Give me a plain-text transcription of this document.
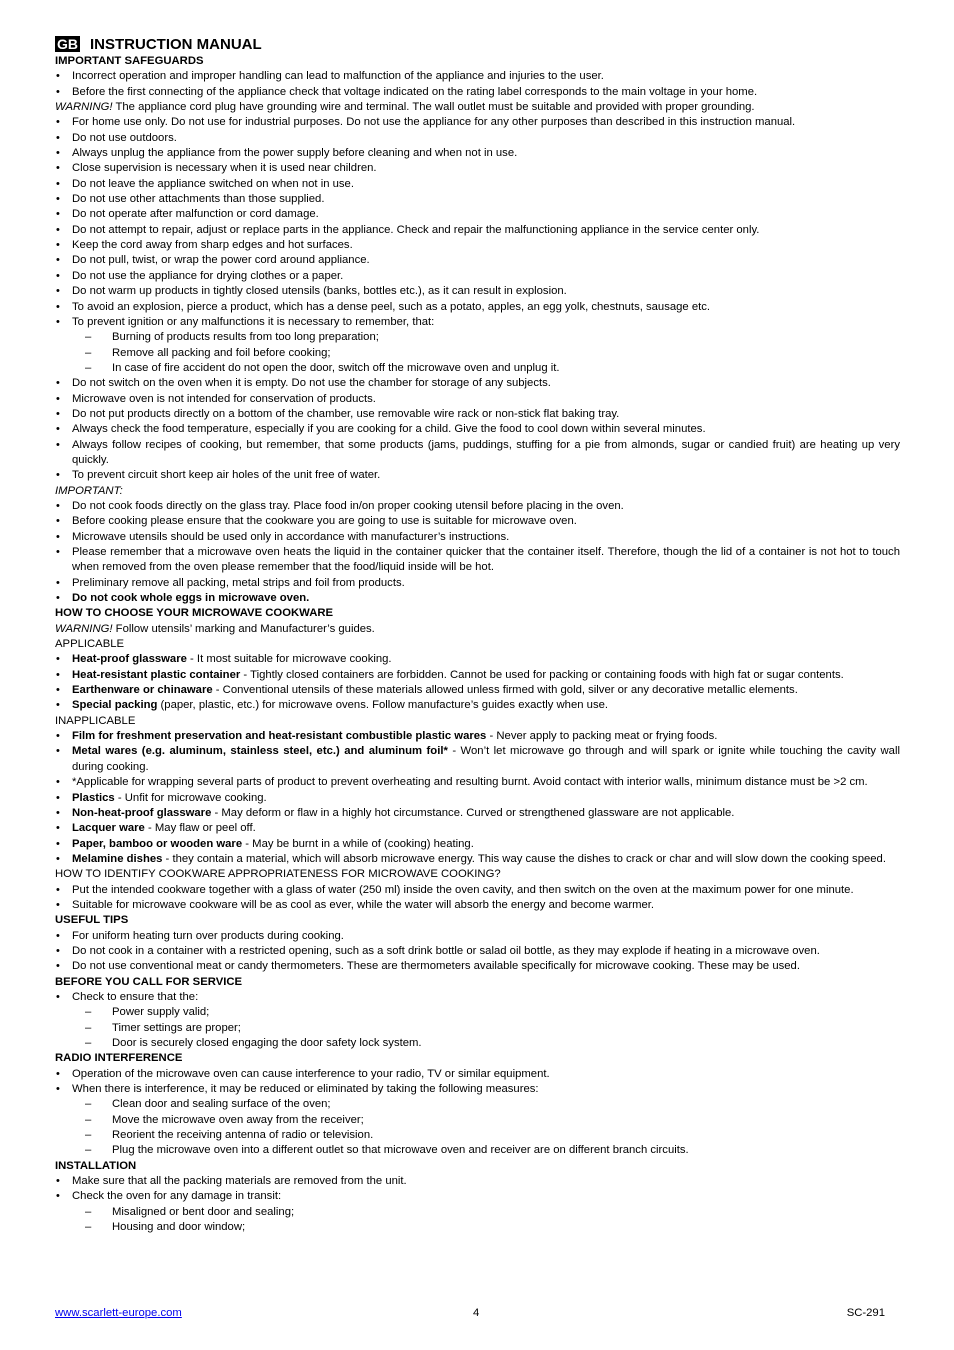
GB INSTRUCTION MANUAL
IMPORTANT SAFEGUARDS
• Incorrect operation and improper handling can lead to malfunction of the appliance and injuries to the user.
• Before the first connecting of the appliance check that voltage indicated on the rating label corresponds to the main voltage in your home.
WARNING! The appliance cord plug have grounding wire and terminal. The wall outlet must be suitable and provided with proper grounding.
• For home use only. Do not use for industrial purposes. Do not use the appliance for any other purposes than described in this instruction manual.
• Do not use outdoors.
• Always unplug the appliance from the power supply before cleaning and when not in use.
• Close supervision is necessary when it is used near children.
• Do not leave the appliance switched on when not in use.
• Do not use other attachments than those supplied.
• Do not operate after malfunction or cord damage.
• Do not attempt to repair, adjust or replace parts in the appliance. Check and repair the malfunctioning appliance in the service center only.
• Keep the cord away from sharp edges and hot surfaces.
• Do not pull, twist, or wrap the power cord around appliance.
• Do not use the appliance for drying clothes or a paper.
• Do not warm up products in tightly closed utensils (banks, bottles etc.), as it can result in explosion.
• To avoid an explosion, pierce a product, which has a dense peel, such as a potato, apples, an egg yolk, chestnuts, sausage etc.
• To prevent ignition or any malfunctions it is necessary to remember, that:
– Burning of products results from too long preparation;
– Remove all packing and foil before cooking;
– In case of fire accident do not open the door, switch off the microwave oven and unplug it.
• Do not switch on the oven when it is empty. Do not use the chamber for storage of any subjects.
• Microwave oven is not intended for conservation of products.
• Do not put products directly on a bottom of the chamber, use removable wire rack or non-stick flat baking tray.
• Always check the food temperature, especially if you are cooking for a child. Give the food to cool down within several minutes.
• Always follow recipes of cooking, but remember, that some products (jams, puddings, stuffing for a pie from almonds, sugar or candied fruit) are heating up very quickly.
• To prevent circuit short keep air holes of the unit free of water.
IMPORTANT:
• Do not cook foods directly on the glass tray. Place food in/on proper cooking utensil before placing in the oven.
• Before cooking please ensure that the cookware you are going to use is suitable for microwave oven.
• Microwave utensils should be used only in accordance with manufacturer’s instructions.
• Please remember that a microwave oven heats the liquid in the container quicker that the container itself. Therefore, though the lid of a container is not hot to touch when removed from the oven please remember that the food/liquid inside will be hot.
• Preliminary remove all packing, metal strips and foil from products.
• Do not cook whole eggs in microwave oven.
HOW TO CHOOSE YOUR MICROWAVE COOKWARE
WARNING! Follow utensils’ marking and Manufacturer’s guides.
APPLICABLE
• Heat-proof glassware - It most suitable for microwave cooking.
• Heat-resistant plastic container - Tightly closed containers are forbidden. Cannot be used for packing or containing foods with high fat or sugar contents.
• Earthenware or chinaware - Conventional utensils of these materials allowed unless firmed with gold, silver or any decorative metallic elements.
• Special packing (paper, plastic, etc.) for microwave ovens. Follow manufacture’s guides exactly when use.
INAPPLICABLE
• Film for freshment preservation and heat-resistant combustible plastic wares - Never apply to packing meat or frying foods.
• Metal wares (e.g. aluminum, stainless steel, etc.) and aluminum foil* - Won’t let microwave go through and will spark or ignite while touching the cavity wall during cooking.
• *Applicable for wrapping several parts of product to prevent overheating and resulting burnt. Avoid contact with interior walls, minimum distance must be >2 cm.
• Plastics - Unfit for microwave cooking.
• Non-heat-proof glassware - May deform or flaw in a highly hot circumstance. Curved or strengthened glassware are not applicable.
• Lacquer ware - May flaw or peel off.
• Paper, bamboo or wooden ware - May be burnt in a while of (cooking) heating.
• Melamine dishes - they contain a material, which will absorb microwave energy. This way cause the dishes to crack or char and will slow down the cooking speed.
HOW TO IDENTIFY COOKWARE APPROPRIATENESS FOR MICROWAVE COOKING?
• Put the intended cookware together with a glass of water (250 ml) inside the oven cavity, and then switch on the oven at the maximum power for one minute.
• Suitable for microwave cookware will be as cool as ever, while the water will absorb the energy and become warmer.
USEFUL TIPS
• For uniform heating turn over products during cooking.
• Do not cook in a container with a restricted opening, such as a soft drink bottle or salad oil bottle, as they may explode if heating in a microwave oven.
• Do not use conventional meat or candy thermometers. These are thermometers available specifically for microwave cooking. These may be used.
BEFORE YOU CALL FOR SERVICE
• Check to ensure that the:
– Power supply valid;
– Timer settings are proper;
– Door is securely closed engaging the door safety lock system.
RADIO INTERFERENCE
• Operation of the microwave oven can cause interference to your radio, TV or similar equipment.
• When there is interference, it may be reduced or eliminated by taking the following measures:
– Clean door and sealing surface of the oven;
– Move the microwave oven away from the receiver;
– Reorient the receiving antenna of radio or television.
– Plug the microwave oven into a different outlet so that microwave oven and receiver are on different branch circuits.
INSTALLATION
• Make sure that all the packing materials are removed from the unit.
• Check the oven for any damage in transit:
– Misaligned or bent door and sealing;
– Housing and door window;
www.scarlett-europe.com	4	SC-291
